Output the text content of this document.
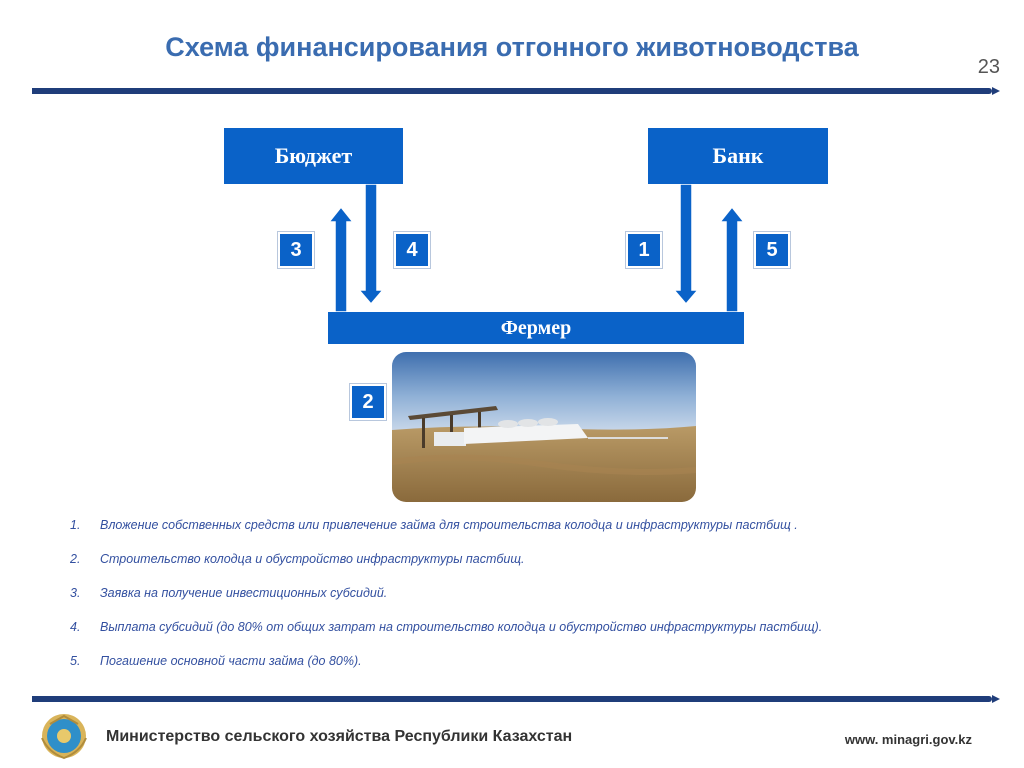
Схема финансирования отгонного животноводства
23
Бюджет	Банк
Фермер
3	4	1	5
2
1.	Вложение собственных средств или привлечение займа для строительства колодца и инфраструктуры пастбищ .
2.	Строительство колодца и обустройство инфраструктуры пастбищ.
3.	Заявка на получение инвестиционных субсидий.
4.	Выплата субсидий (до 80% от общих затрат на строительство колодца и обустройство инфраструктуры пастбищ).
5.	Погашение основной части займа (до 80%).
Министерство сельского хозяйства Республики Казахстан	www. minagri.gov.kz
